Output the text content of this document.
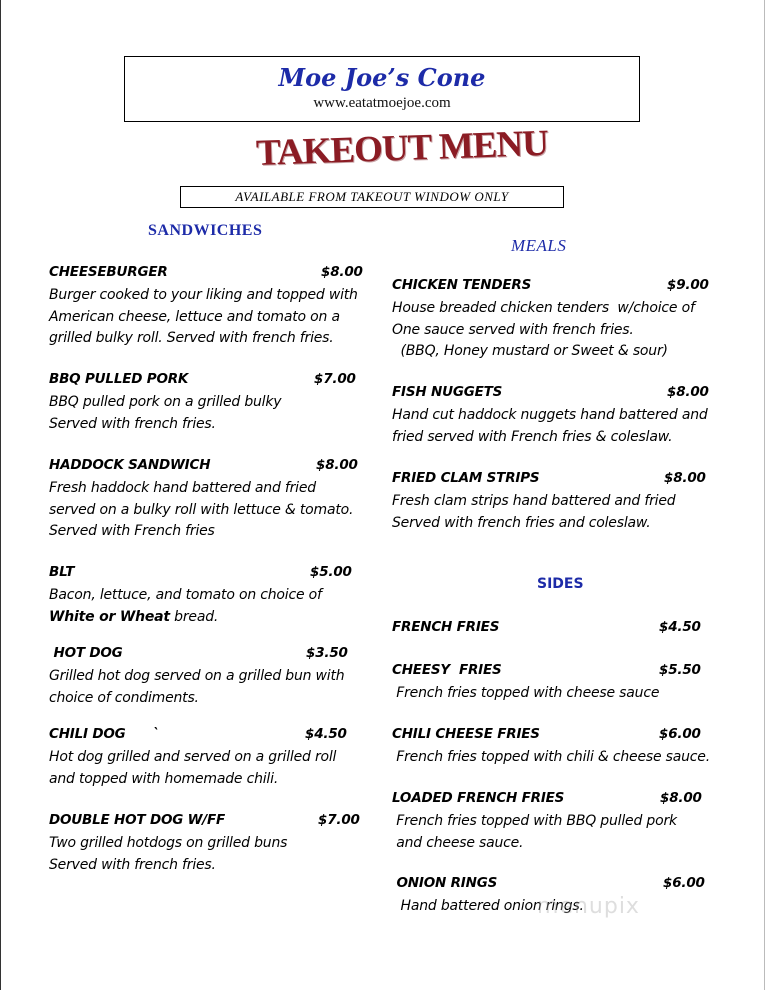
Moe Joe’s Cone
www.eatatmoejoe.com
TAKEOUT MENU
AVAILABLE FROM TAKEOUT WINDOW ONLY
SANDWICHES
MEALS
SIDES
CHEESEBURGER	$8.00
Burger cooked to your liking and topped with
American cheese, lettuce and tomato on a
grilled bulky roll. Served with french fries.
BBQ PULLED PORK	$7.00
BBQ pulled pork on a grilled bulky
Served with french fries.
HADDOCK SANDWICH	$8.00
Fresh haddock hand battered and fried
served on a bulky roll with lettuce & tomato.
Served with French fries
BLT	$5.00
Bacon, lettuce, and tomato on choice of
White or Wheat bread.
HOT DOG	$3.50
Grilled hot dog served on a grilled bun with
choice of condiments.
CHILI DOG      `	$4.50
Hot dog grilled and served on a grilled roll
and topped with homemade chili.
DOUBLE HOT DOG W/FF	$7.00
Two grilled hotdogs on grilled buns
Served with french fries.
CHICKEN TENDERS	$9.00
House breaded chicken tenders  w/choice of
One sauce served with french fries.
(BBQ, Honey mustard or Sweet & sour)
FISH NUGGETS	$8.00
Hand cut haddock nuggets hand battered and
fried served with French fries & coleslaw.
FRIED CLAM STRIPS	$8.00
Fresh clam strips hand battered and fried
Served with french fries and coleslaw.
FRENCH FRIES	$4.50
CHEESY  FRIES	$5.50
French fries topped with cheese sauce
CHILI CHEESE FRIES	$6.00
French fries topped with chili & cheese sauce.
LOADED FRENCH FRIES	$8.00
French fries topped with BBQ pulled pork
and cheese sauce.
ONION RINGS	$6.00
Hand battered onion rings.
menupix
